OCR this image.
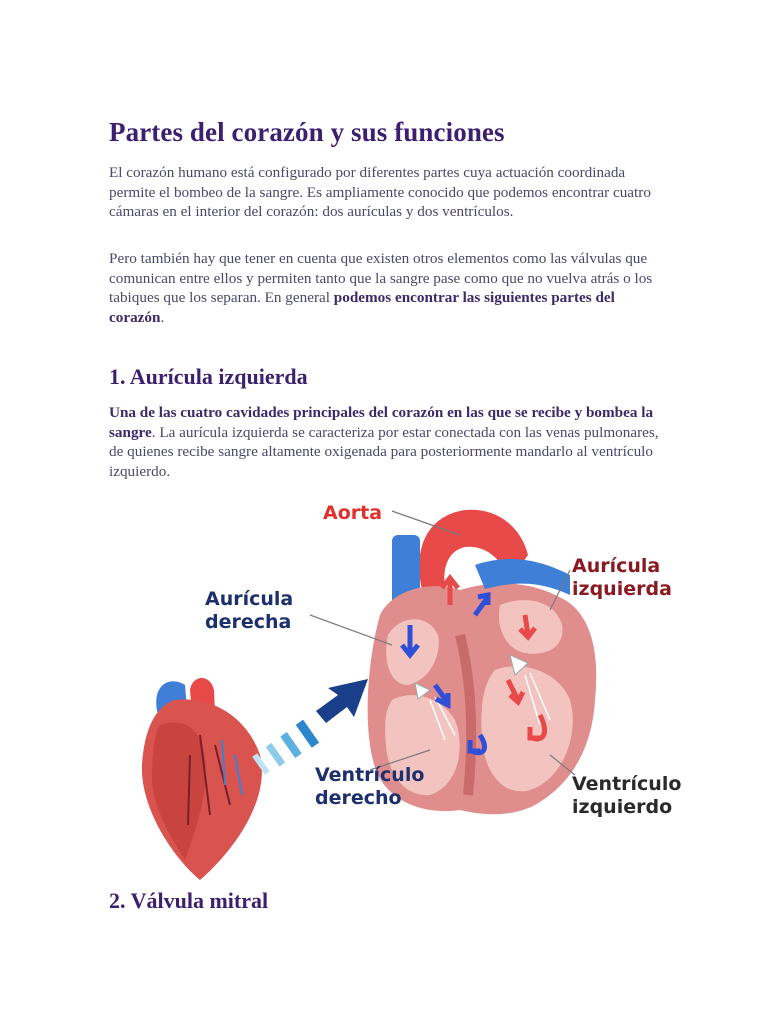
Partes del corazón y sus funciones

El corazón humano está configurado por diferentes partes cuya actuación coordinada permite el bombeo de la sangre. Es ampliamente conocido que podemos encontrar cuatro cámaras en el interior del corazón: dos aurículas y dos ventrículos.

Pero también hay que tener en cuenta que existen otros elementos como las válvulas que comunican entre ellos y permiten tanto que la sangre pase como que no vuelva atrás o los tabiques que los separan. En general podemos encontrar las siguientes partes del corazón.

1. Aurícula izquierda

Una de las cuatro cavidades principales del corazón en las que se recibe y bombea la sangre. La aurícula izquierda se caracteriza por estar conectada con las venas pulmonares, de quienes recibe sangre altamente oxigenada para posteriormente mandarlo al ventrículo izquierdo.

Aorta
Aurícula
izquierda
Aurícula
derecha
Ventrículo
derecho
Ventrículo
izquierdo
2. Válvula mitral
